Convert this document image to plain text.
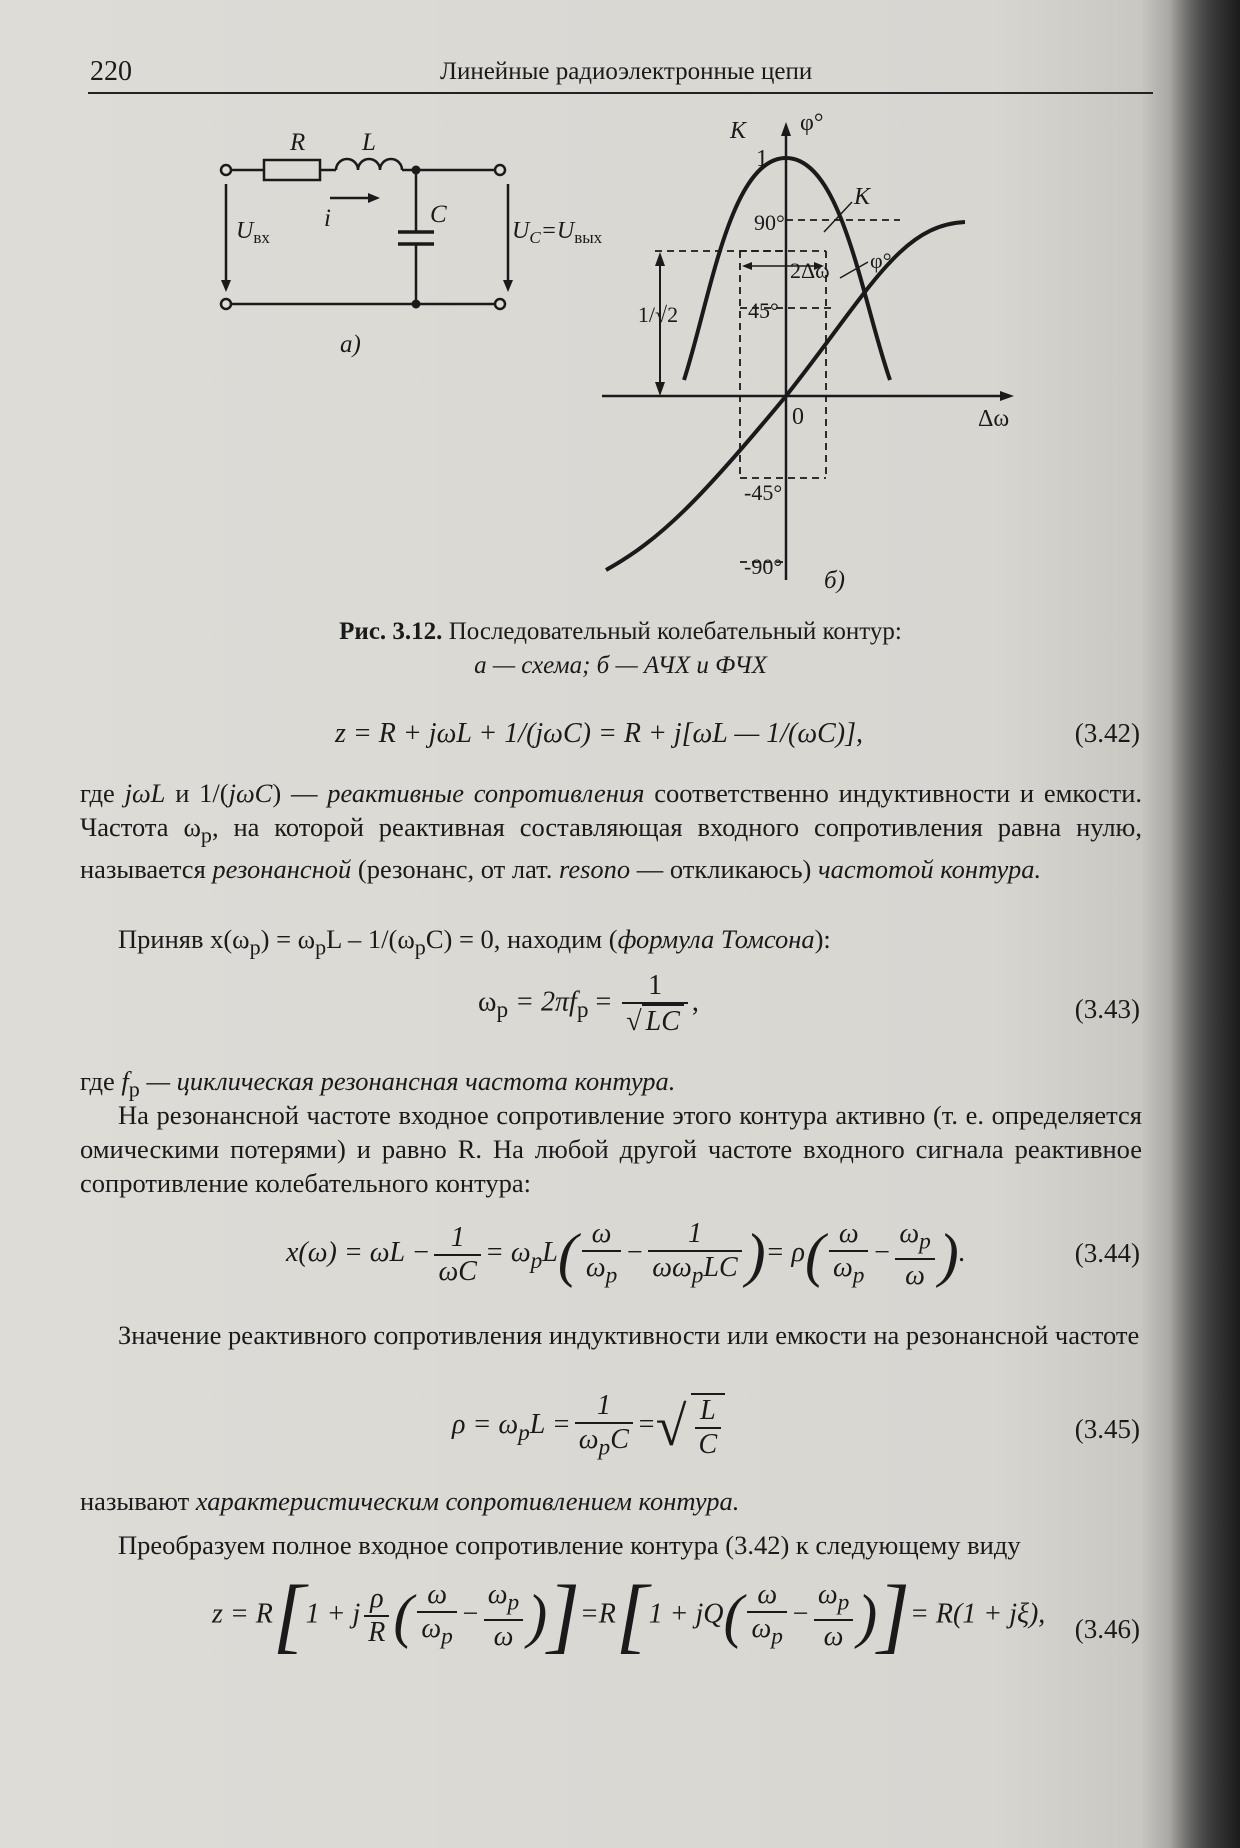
220	Линейные радиоэлектронные цепи
R L
C
i
$U_{вх}$	$U_C=U_{вых}$
а)
K φ°
Δω
0
1
90°
45°
-45°
-90°
2Δω
1/√2
K
φ°
б)
Рис. 3.12. Последовательный колебательный контур:
а — схема; б — АЧХ и ФЧХ
z = R + jωL + 1/(jωC) = R + j[ωL — 1/(ωC)],	(3.42)
где jωL и 1/(jωC) — реактивные сопротивления соответственно индуктивности и емкости. Частота $\omega_р$, на которой реактивная составляющая входного сопротивления равна нулю, называется резонансной (резонанс, от лат. resono — откликаюсь) частотой контура.
Приняв $x(\omega_р) = \omega_рL - 1/(\omega_рC) = 0$, находим (формула Томсона):
$\omega_р = 2\pi f_р = \frac{1}{√ LC}$ ,	(3.43)
где $f_р$ — циклическая резонансная частота контура.
На резонансной частоте входное сопротивление этого контура активно (т. е. определяется омическими потерями) и равно R. На любой другой частоте входного сигнала реактивное сопротивление колебательного контура:
$x(\omega) = \omega L - \frac{1}{\omega C} = \omega_рL( \frac{\omega}{\omega_р} - \frac{1}{\omega\omega_рLC}$ )= $\rho( \frac{\omega}{\omega_р} - \frac{\omega_р}{\omega}$ ).	(3.44)
Значение реактивного сопротивления индуктивности или емкости на резонансной частоте
$\rho = \omega_рL = \frac{1}{\omega_рC}$ =√ $\frac{L}{C}$	(3.45)
называют характеристическим сопротивлением контура.
Преобразуем полное входное сопротивление контура (3.42) к следующему виду
z = R[1 + j $\frac{\rho}{R}$ ( $\frac{\omega}{\omega_р} - \frac{\omega_р}{\omega} )]=R[1 + jQ( \frac{\omega}{\omega_р} - \frac{\omega_р}{\omega}$ )]= R(1 + jξ), (3.46)
